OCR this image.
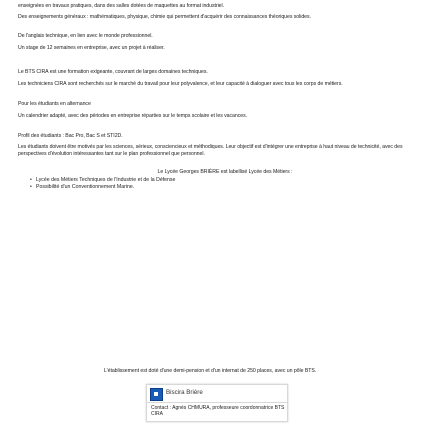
enseignées en travaux pratiques, dans des salles dotées de maquettes au format industriel.

Des enseignements généraux : mathématiques, physique, chimie qui permettent d'acquérir des connaissances théoriques solides.

De l'anglais technique, en lien avec le monde professionnel.

Un stage de 12 semaines en entreprise, avec un projet à réaliser.

Le BTS CIRA est une formation exigeante, couvrant de larges domaines techniques.

Les techniciens CIRA sont recherchés sur le marché du travail pour leur polyvalence, et leur capacité à dialoguer avec tous les corps de métiers.

Pour les étudiants en alternance

Un calendrier adapté, avec des périodes en entreprise réparties sur le temps scolaire et les vacances.

Profil des étudiants : Bac Pro, Bac S et STI2D.

Les étudiants doivent être motivés par les sciences, sérieux, consciencieux et méthodiques. Leur objectif est d'intégrer une entreprise à haut niveau de technicité, avec des perspectives d'évolution intéressantes tant sur le plan professionnel que personnel.

Le Lycée Georges BRIÈRE est labellisé Lycée des Métiers :

• Lycée des Métiers Techniques de l'Industrie et de la Défense
• Possibilité d'un Conventionnement Marine.

L'établissement est doté d'une demi-pension et d'un internat de 250 places, avec un pôle BTS.

Biscira Brière
Contact : Agnès CHMURA, professeure coordonnatrice BTS CIRA
